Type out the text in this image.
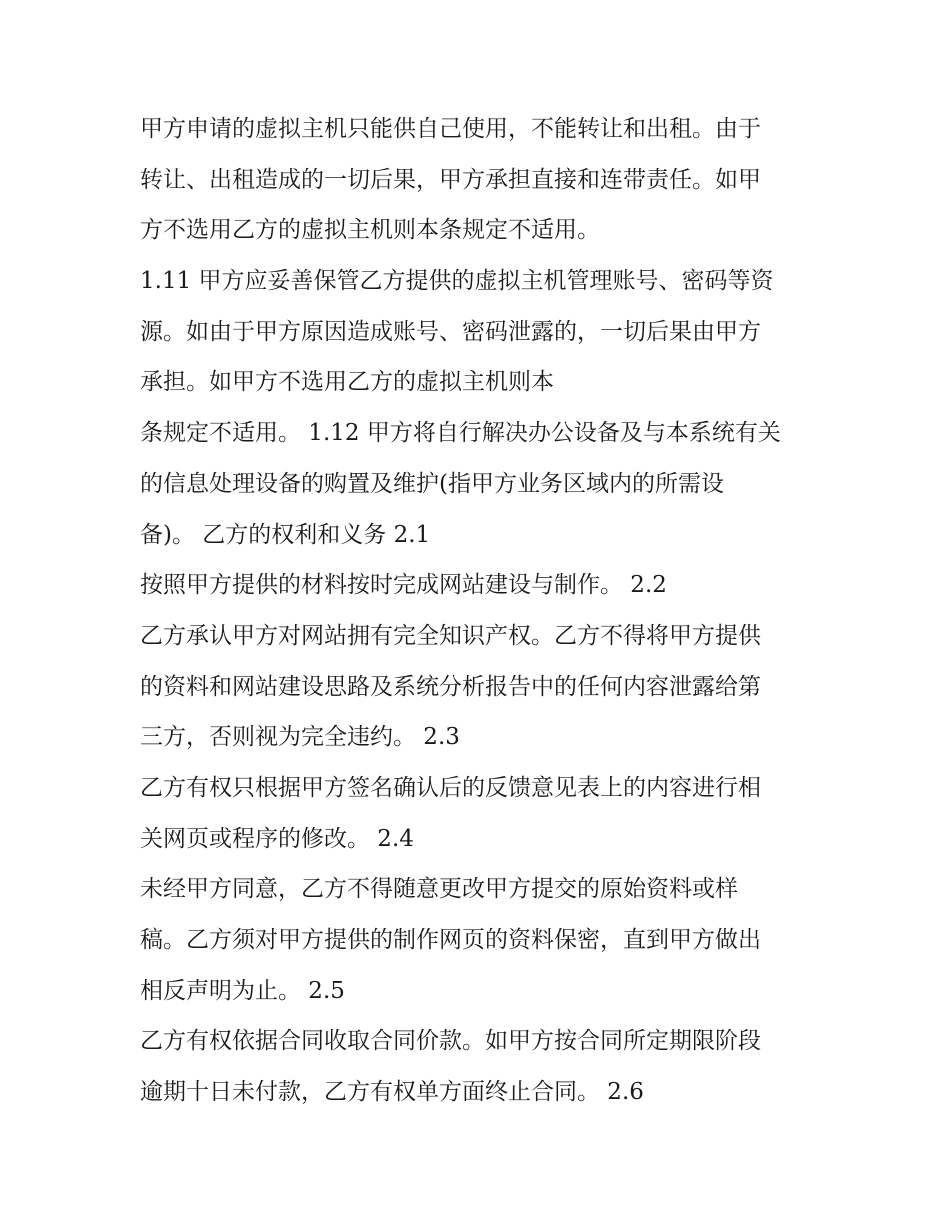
甲方申请的虚拟主机只能供自己使用，不能转让和出租。由于
转让、出租造成的一切后果，甲方承担直接和连带责任。如甲
方不选用乙方的虚拟主机则本条规定不适用。
1.11 甲方应妥善保管乙方提供的虚拟主机管理账号、密码等资
源。如由于甲方原因造成账号、密码泄露的，一切后果由甲方
承担。如甲方不选用乙方的虚拟主机则本
条规定不适用。 1.12 甲方将自行解决办公设备及与本系统有关
的信息处理设备的购置及维护(指甲方业务区域内的所需设
备)。 乙方的权利和义务 2.1
按照甲方提供的材料按时完成网站建设与制作。 2.2
乙方承认甲方对网站拥有完全知识产权。乙方不得将甲方提供
的资料和网站建设思路及系统分析报告中的任何内容泄露给第
三方，否则视为完全违约。 2.3
乙方有权只根据甲方签名确认后的反馈意见表上的内容进行相
关网页或程序的修改。 2.4
未经甲方同意，乙方不得随意更改甲方提交的原始资料或样
稿。乙方须对甲方提供的制作网页的资料保密，直到甲方做出
相反声明为止。 2.5
乙方有权依据合同收取合同价款。如甲方按合同所定期限阶段
逾期十日未付款，乙方有权单方面终止合同。 2.6
